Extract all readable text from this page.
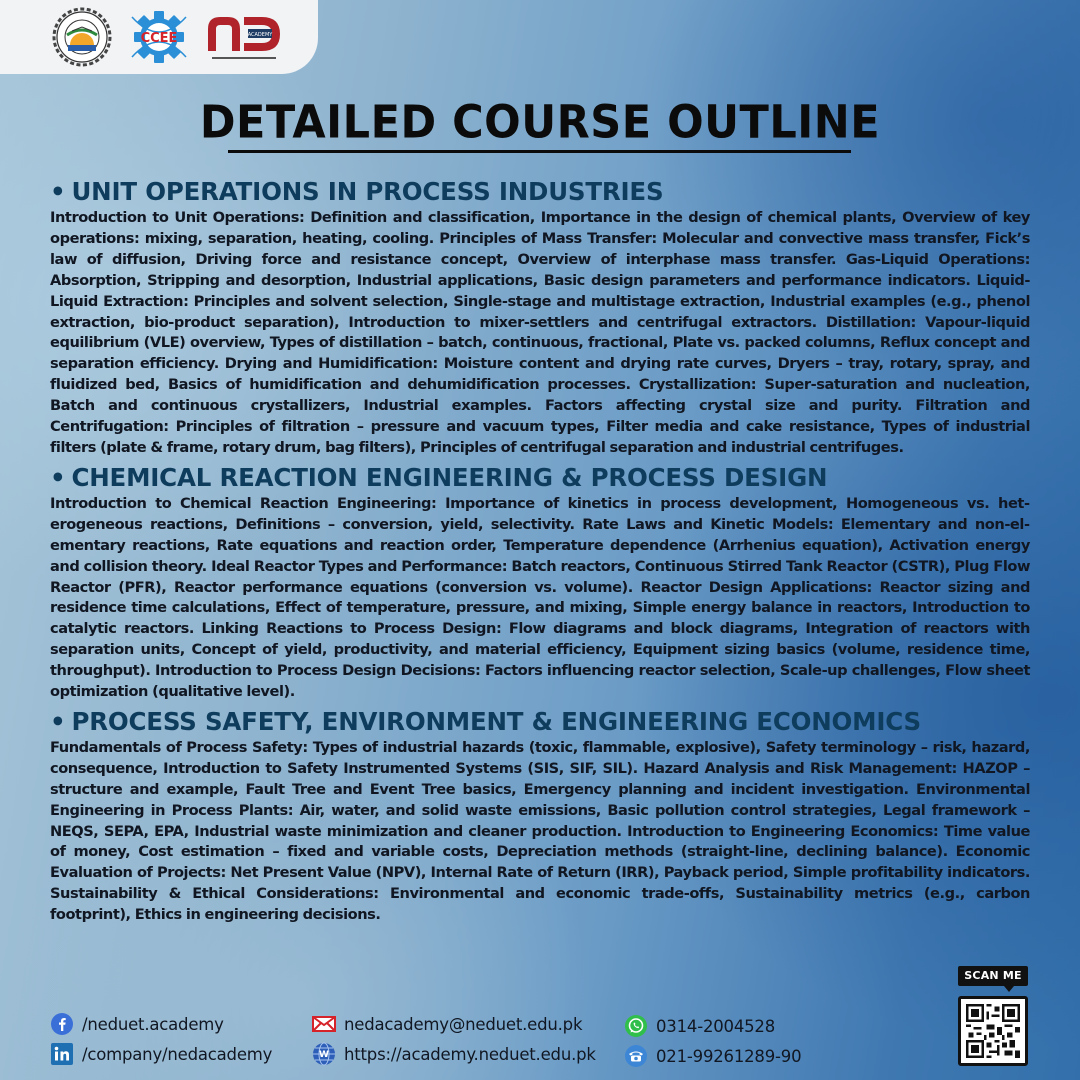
CCEE	ACADEMY
DETAILED COURSE OUTLINE
• UNIT OPERATIONS IN PROCESS INDUSTRIES

Introduction to Unit Operations: Definition and classification, Importance in the design of chemical plants, Overview of key operations: mixing, separation, heating, cooling. Principles of Mass Transfer: Molecular and convective mass transfer, Fick’s law of diffusion, Driving force and resistance concept, Overview of interphase mass transfer. Gas-Liquid Operations: Absorption, Stripping and desorption, Industrial applications, Basic design parameters and performance indicators. Liquid-Liquid Extraction: Principles and solvent selection, Single-stage and multistage extraction, Industrial examples (e.g., phenol extraction, bio-product separation), Introduction to mixer-settlers and centrifugal extractors. Distillation: Vapour-liquid equilibrium (VLE) overview, Types of distillation – batch, continuous, fractional, Plate vs. packed columns, Reflux concept and separation efficiency. Drying and Humidification: Moisture content and drying rate curves, Dryers – tray, rotary, spray, and fluidized bed, Basics of humidification and dehumidification processes. Crystallization: Super-saturation and nucleation, Batch and continuous crystallizers, Industrial examples. Factors affecting crystal size and purity. Filtration and Centrifugation: Principles of filtration – pressure and vacuum types, Filter media and cake resistance, Types of industrial filters (plate & frame, rotary drum, bag filters), Principles of centrifugal separation and industrial centrifuges.

• CHEMICAL REACTION ENGINEERING & PROCESS DESIGN

Introduction to Chemical Reaction Engineering: Importance of kinetics in process development, Homogeneous vs. heterogeneous reactions, Definitions – conversion, yield, selectivity. Rate Laws and Kinetic Models: Elementary and non-elementary reactions, Rate equations and reaction order, Temperature dependence (Arrhenius equation), Activation energy and collision theory. Ideal Reactor Types and Performance: Batch reactors, Continuous Stirred Tank Reactor (CSTR), Plug Flow Reactor (PFR), Reactor performance equations (conversion vs. volume). Reactor Design Applications: Reactor sizing and residence time calculations, Effect of temperature, pressure, and mixing, Simple energy balance in reactors, Introduction to catalytic reactors. Linking Reactions to Process Design: Flow diagrams and block diagrams, Integration of reactors with separation units, Concept of yield, productivity, and material efficiency, Equipment sizing basics (volume, residence time, throughput). Introduction to Process Design Decisions: Factors influencing reactor selection, Scale-up challenges, Flow sheet optimization (qualitative level).

• PROCESS SAFETY, ENVIRONMENT & ENGINEERING ECONOMICS

Fundamentals of Process Safety: Types of industrial hazards (toxic, flammable, explosive), Safety terminology – risk, hazard, consequence, Introduction to Safety Instrumented Systems (SIS, SIF, SIL). Hazard Analysis and Risk Management: HAZOP – structure and example, Fault Tree and Event Tree basics, Emergency planning and incident investigation. Environmental Engineering in Process Plants: Air, water, and solid waste emissions, Basic pollution control strategies, Legal framework – NEQS, SEPA, EPA, Industrial waste minimization and cleaner production. Introduction to Engineering Economics: Time value of money, Cost estimation – fixed and variable costs, Depreciation methods (straight-line, declining balance). Economic Evaluation of Projects: Net Present Value (NPV), Internal Rate of Return (IRR), Payback period, Simple profitability indicators. Sustainability & Ethical Considerations: Environmental and economic trade-offs, Sustainability metrics (e.g., carbon footprint), Ethics in engineering decisions.

/neduet.academy
/company/nedacademy
nedacademy@neduet.edu.pk
W https://academy.neduet.edu.pk
0314-2004528
021-99261289-90
SCAN ME
